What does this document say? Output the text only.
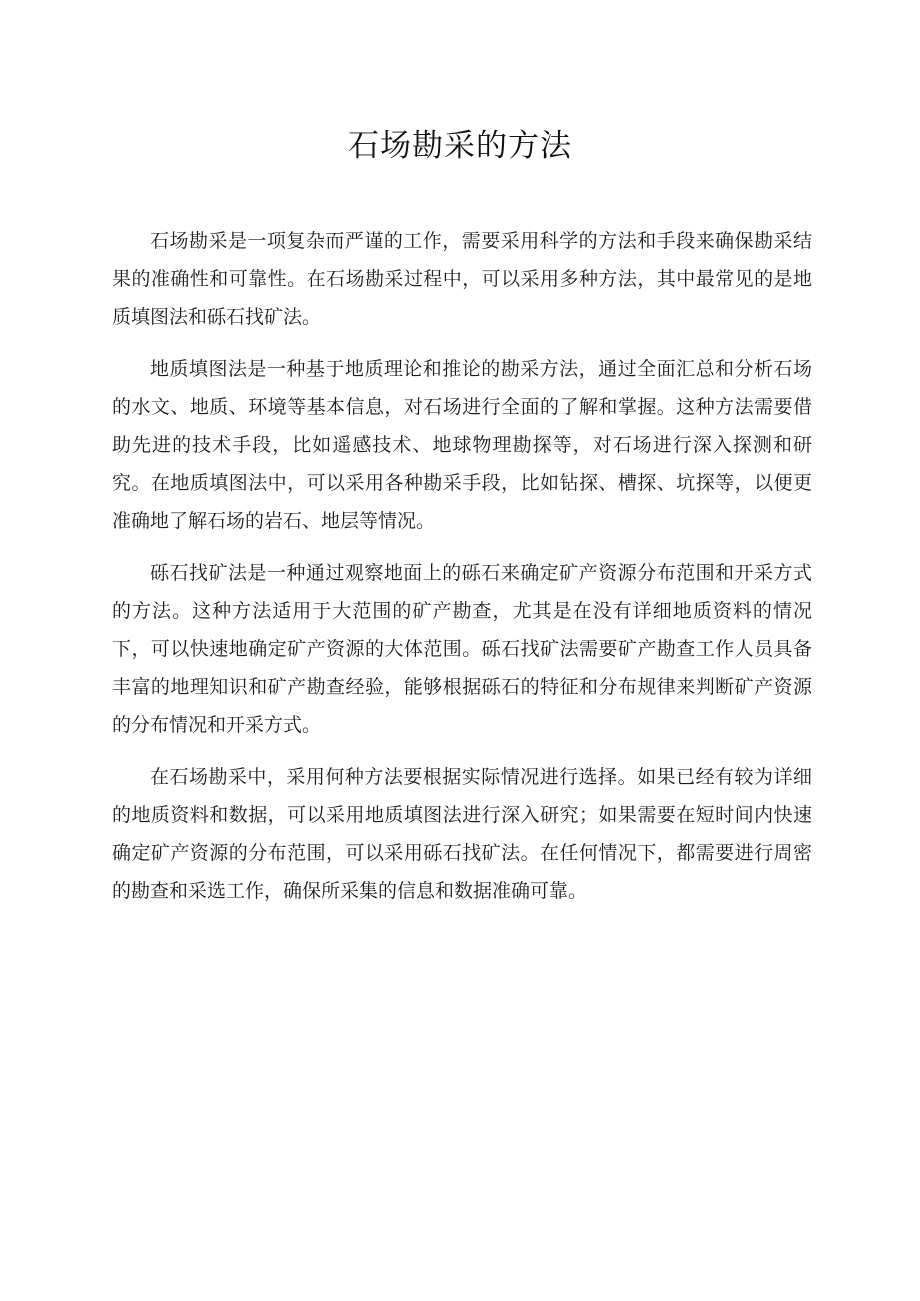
石场勘采的方法

石场勘采是一项复杂而严谨的工作，需要采用科学的方法和手段来确保勘采结果的准确性和可靠性。在石场勘采过程中，可以采用多种方法，其中最常见的是地质填图法和砾石找矿法。

地质填图法是一种基于地质理论和推论的勘采方法，通过全面汇总和分析石场的水文、地质、环境等基本信息，对石场进行全面的了解和掌握。这种方法需要借助先进的技术手段，比如遥感技术、地球物理勘探等，对石场进行深入探测和研究。在地质填图法中，可以采用各种勘采手段，比如钻探、槽探、坑探等，以便更准确地了解石场的岩石、地层等情况。

砾石找矿法是一种通过观察地面上的砾石来确定矿产资源分布范围和开采方式的方法。这种方法适用于大范围的矿产勘查，尤其是在没有详细地质资料的情况下，可以快速地确定矿产资源的大体范围。砾石找矿法需要矿产勘查工作人员具备丰富的地理知识和矿产勘查经验，能够根据砾石的特征和分布规律来判断矿产资源的分布情况和开采方式。

在石场勘采中，采用何种方法要根据实际情况进行选择。如果已经有较为详细的地质资料和数据，可以采用地质填图法进行深入研究；如果需要在短时间内快速确定矿产资源的分布范围，可以采用砾石找矿法。在任何情况下，都需要进行周密的勘查和采选工作，确保所采集的信息和数据准确可靠。
